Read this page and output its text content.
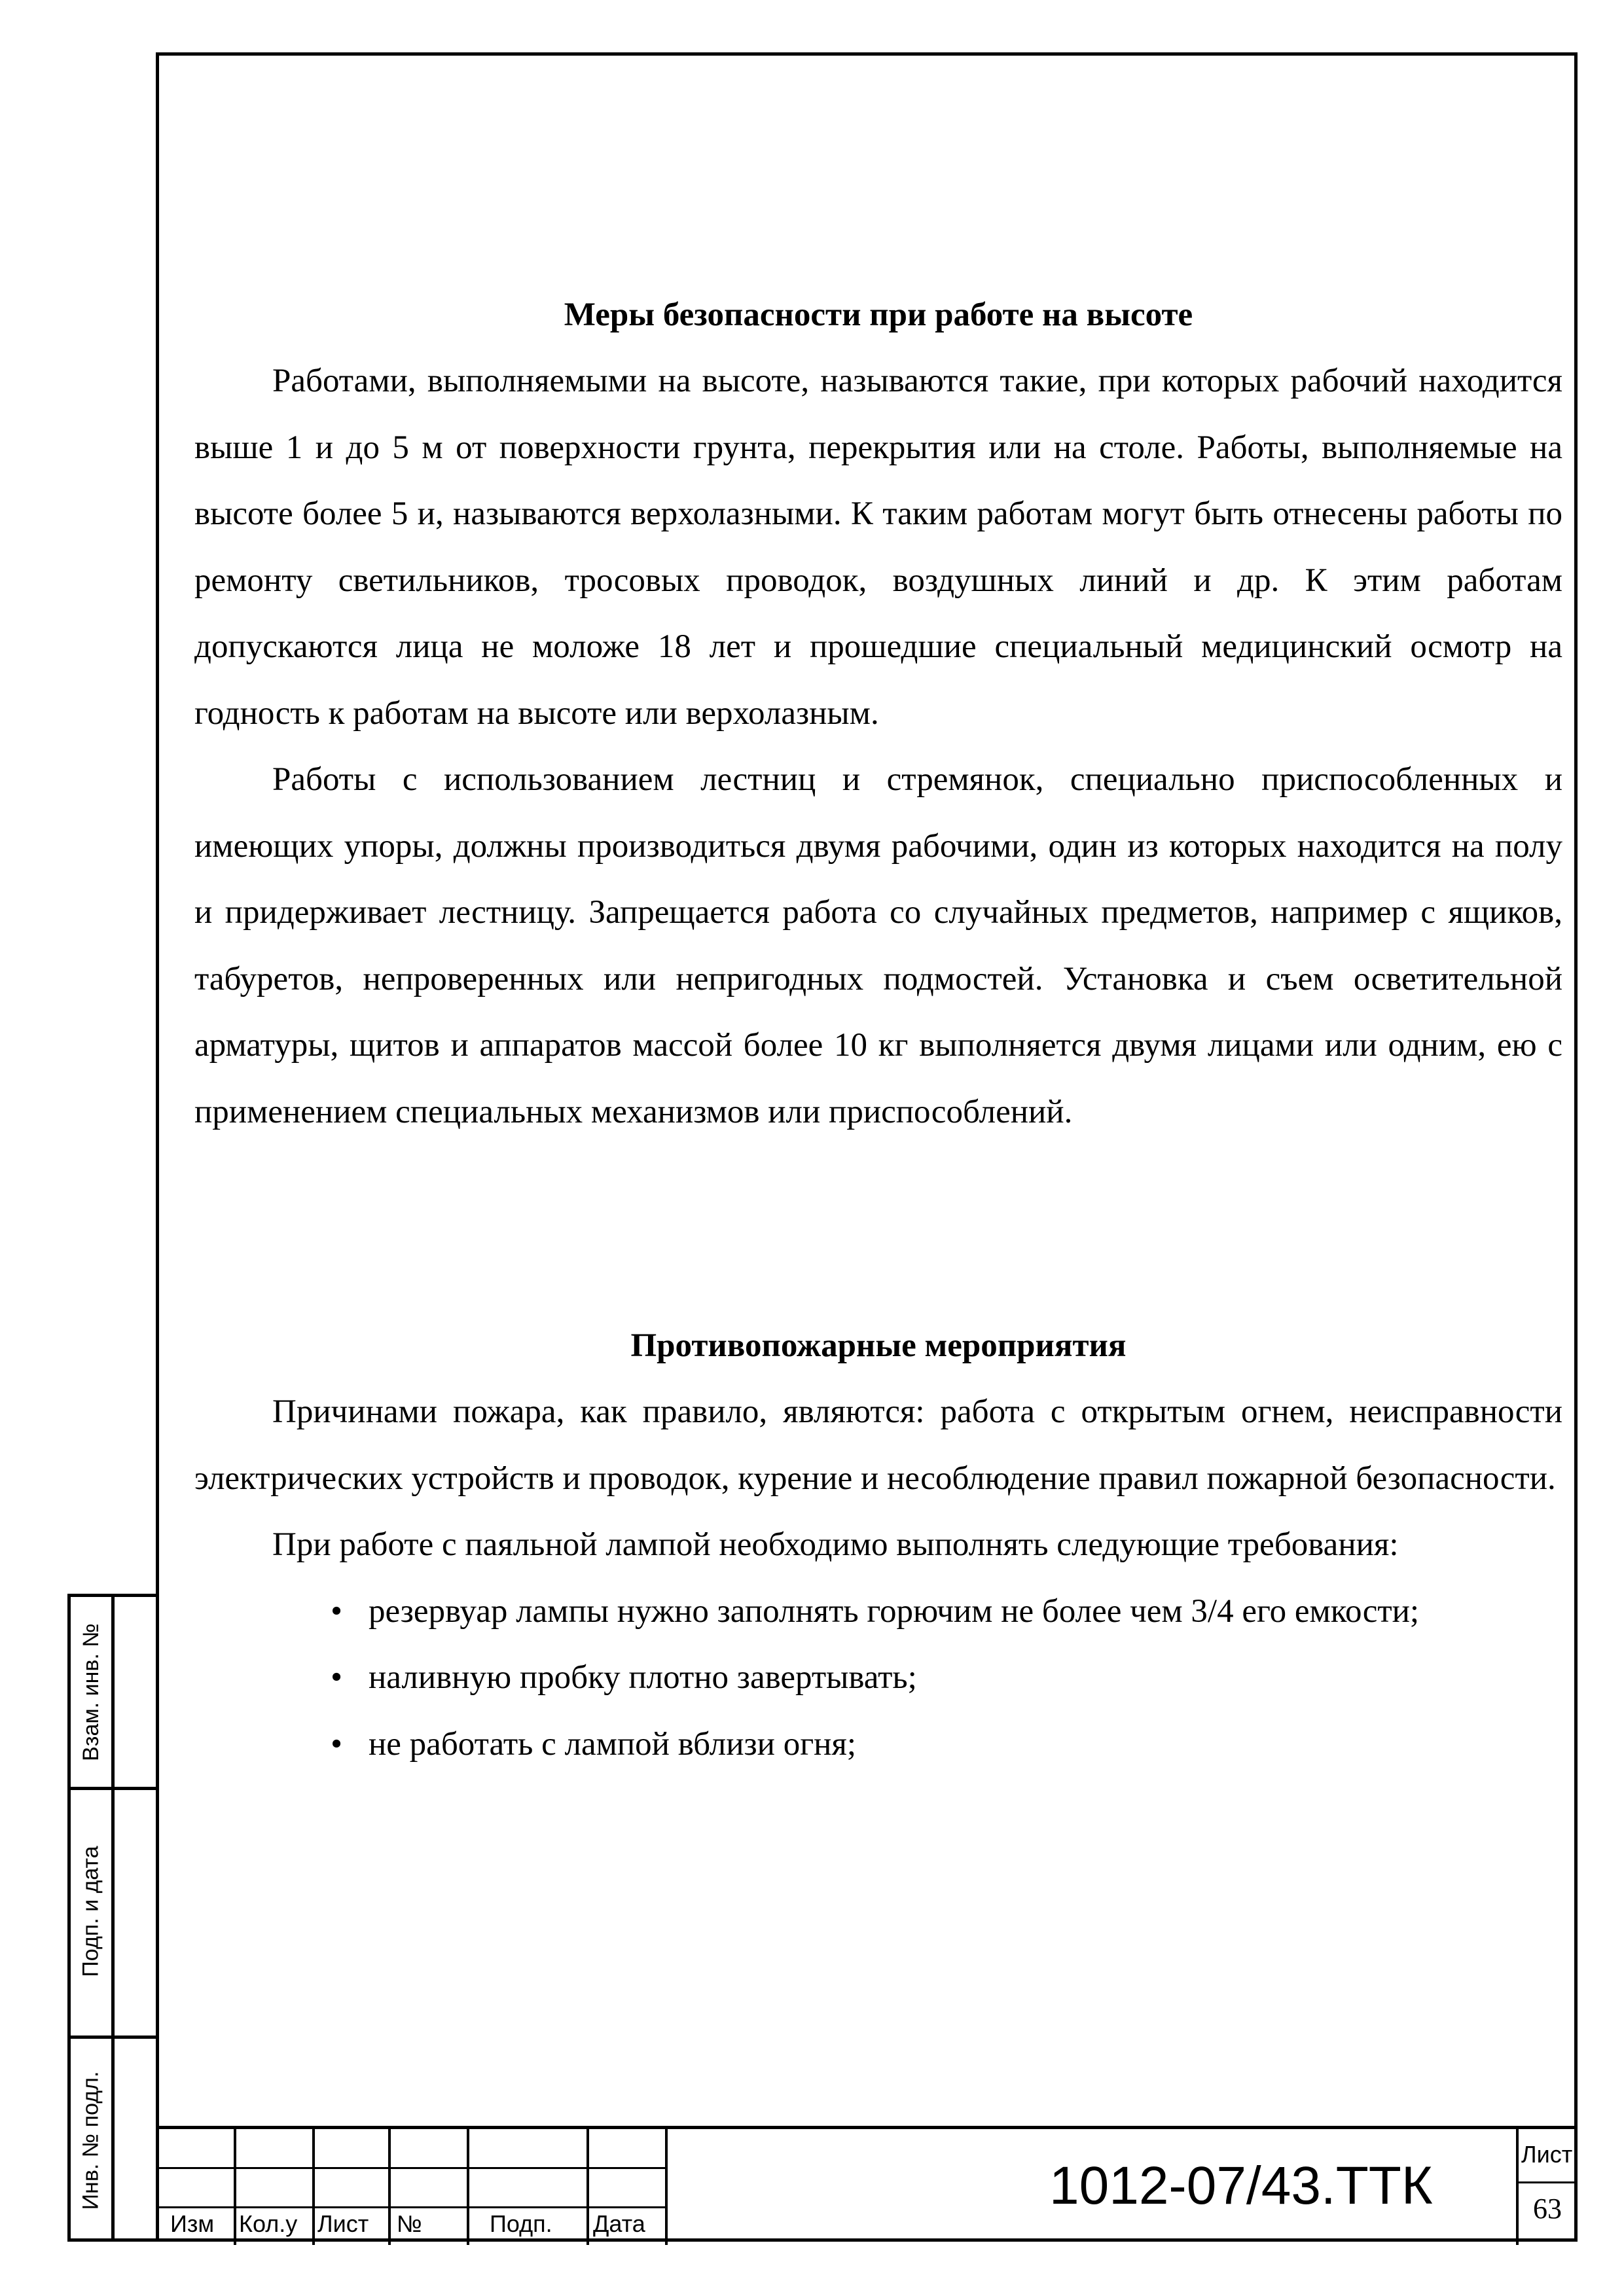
Меры безопасности при работе на высоте

Работами, выполняемыми на высоте, называются такие, при которых рабочий находится выше 1 и до 5 м от поверхности грунта, перекрытия или на столе. Работы, выполняемые на высоте более 5 и, называются верхолазными. К таким работам могут быть отнесены работы по ремонту светильников, тросовых проводок, воздушных линий и др. К этим работам допускаются лица не моложе 18 лет и прошедшие специальный медицинский осмотр на годность к работам на высоте или верхолазным.

Работы с использованием лестниц и стремянок, специально приспособленных и имеющих упоры, должны производиться двумя рабочими, один из которых находится на полу и придерживает лестницу. Запрещается работа со случайных предметов, например с ящиков, табуретов, непроверенных или непригодных подмостей. Установка и съем осветительной арматуры, щитов и аппаратов массой более 10 кг выполняется двумя лицами или одним, ею с применением специальных механизмов или приспособлений.

Противопожарные мероприятия

Причинами пожара, как правило, являются: работа с открытым огнем, неисправности электрических устройств и проводок, курение и несоблюдение правил пожарной безопасности.

При работе с паяльной лампой необходимо выполнять следующие требования:

• резервуар лампы нужно заполнять горючим не более чем 3/4 его емкости;
• наливную пробку плотно завертывать;
• не работать с лампой вблизи огня;
Взам. инв. №
Подп. и дата
Инв. № подл.
Изм Кол.у Лист №	Подп. Дата
1012-07/43.ТТК
Лист
63
